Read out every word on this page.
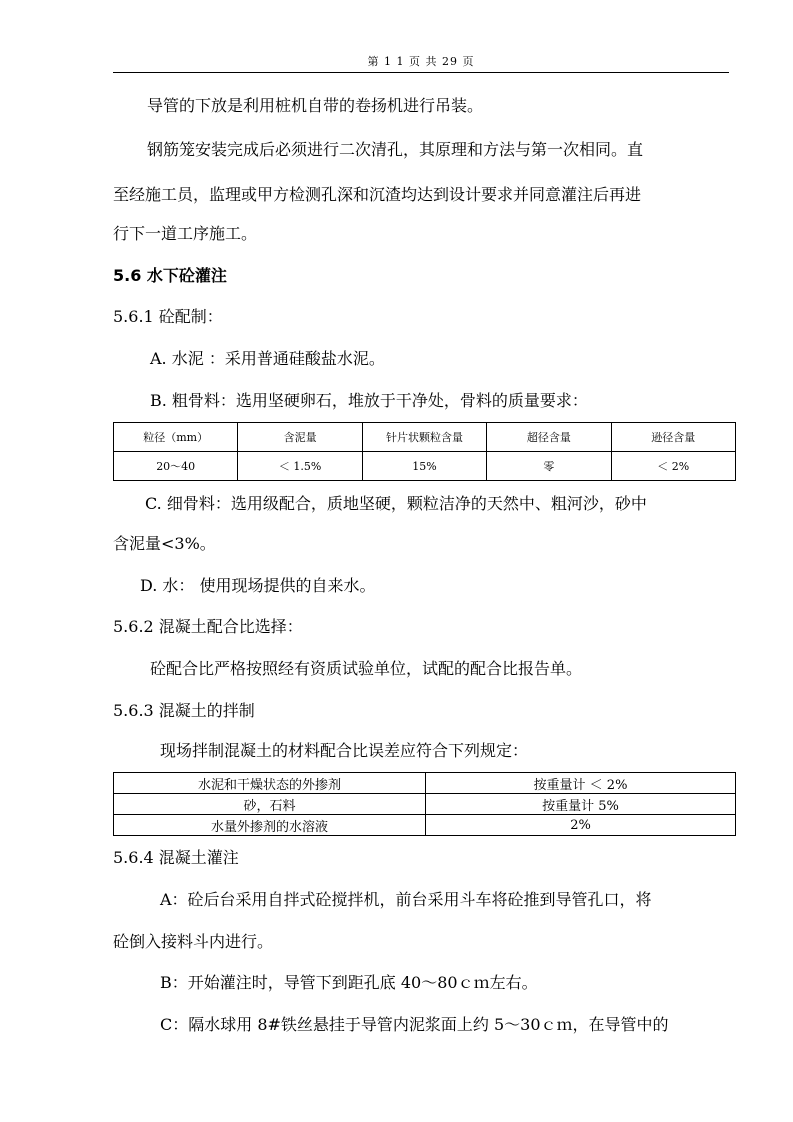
第 1 1 页 共 29 页
导管的下放是利用桩机自带的卷扬机进行吊装。
钢筋笼安装完成后必须进行二次清孔，其原理和方法与第一次相同。直
至经施工员，监理或甲方检测孔深和沉渣均达到设计要求并同意灌注后再进
行下一道工序施工。
5.6 水下砼灌注
5.6.1 砼配制：
A. 水泥 ：采用普通硅酸盐水泥。
B. 粗骨料：选用坚硬卵石，堆放于干净处，骨料的质量要求：
粒径（mm）	含泥量	针片状颗粒含量	超径含量	逊径含量
20～40	＜ 1.5%	15%	零	＜ 2%
C. 细骨料：选用级配合，质地坚硬，颗粒洁净的天然中、粗河沙，砂中
含泥量<3%。
D. 水： 使用现场提供的自来水。
5.6.2 混凝土配合比选择：
砼配合比严格按照经有资质试验单位，试配的配合比报告单。
5.6.3 混凝土的拌制
现场拌制混凝土的材料配合比误差应符合下列规定：
水泥和干燥状态的外掺剂	按重量计 ＜ 2%
砂，石料	按重量计 5%
水量外掺剂的水溶液	2%
5.6.4 混凝土灌注
A：砼后台采用自拌式砼搅拌机，前台采用斗车将砼推到导管孔口，将
砼倒入接料斗内进行。
B：开始灌注时，导管下到距孔底 40～80ｃｍ左右。
C：隔水球用 8#铁丝悬挂于导管内泥浆面上约 5～30ｃｍ，在导管中的
